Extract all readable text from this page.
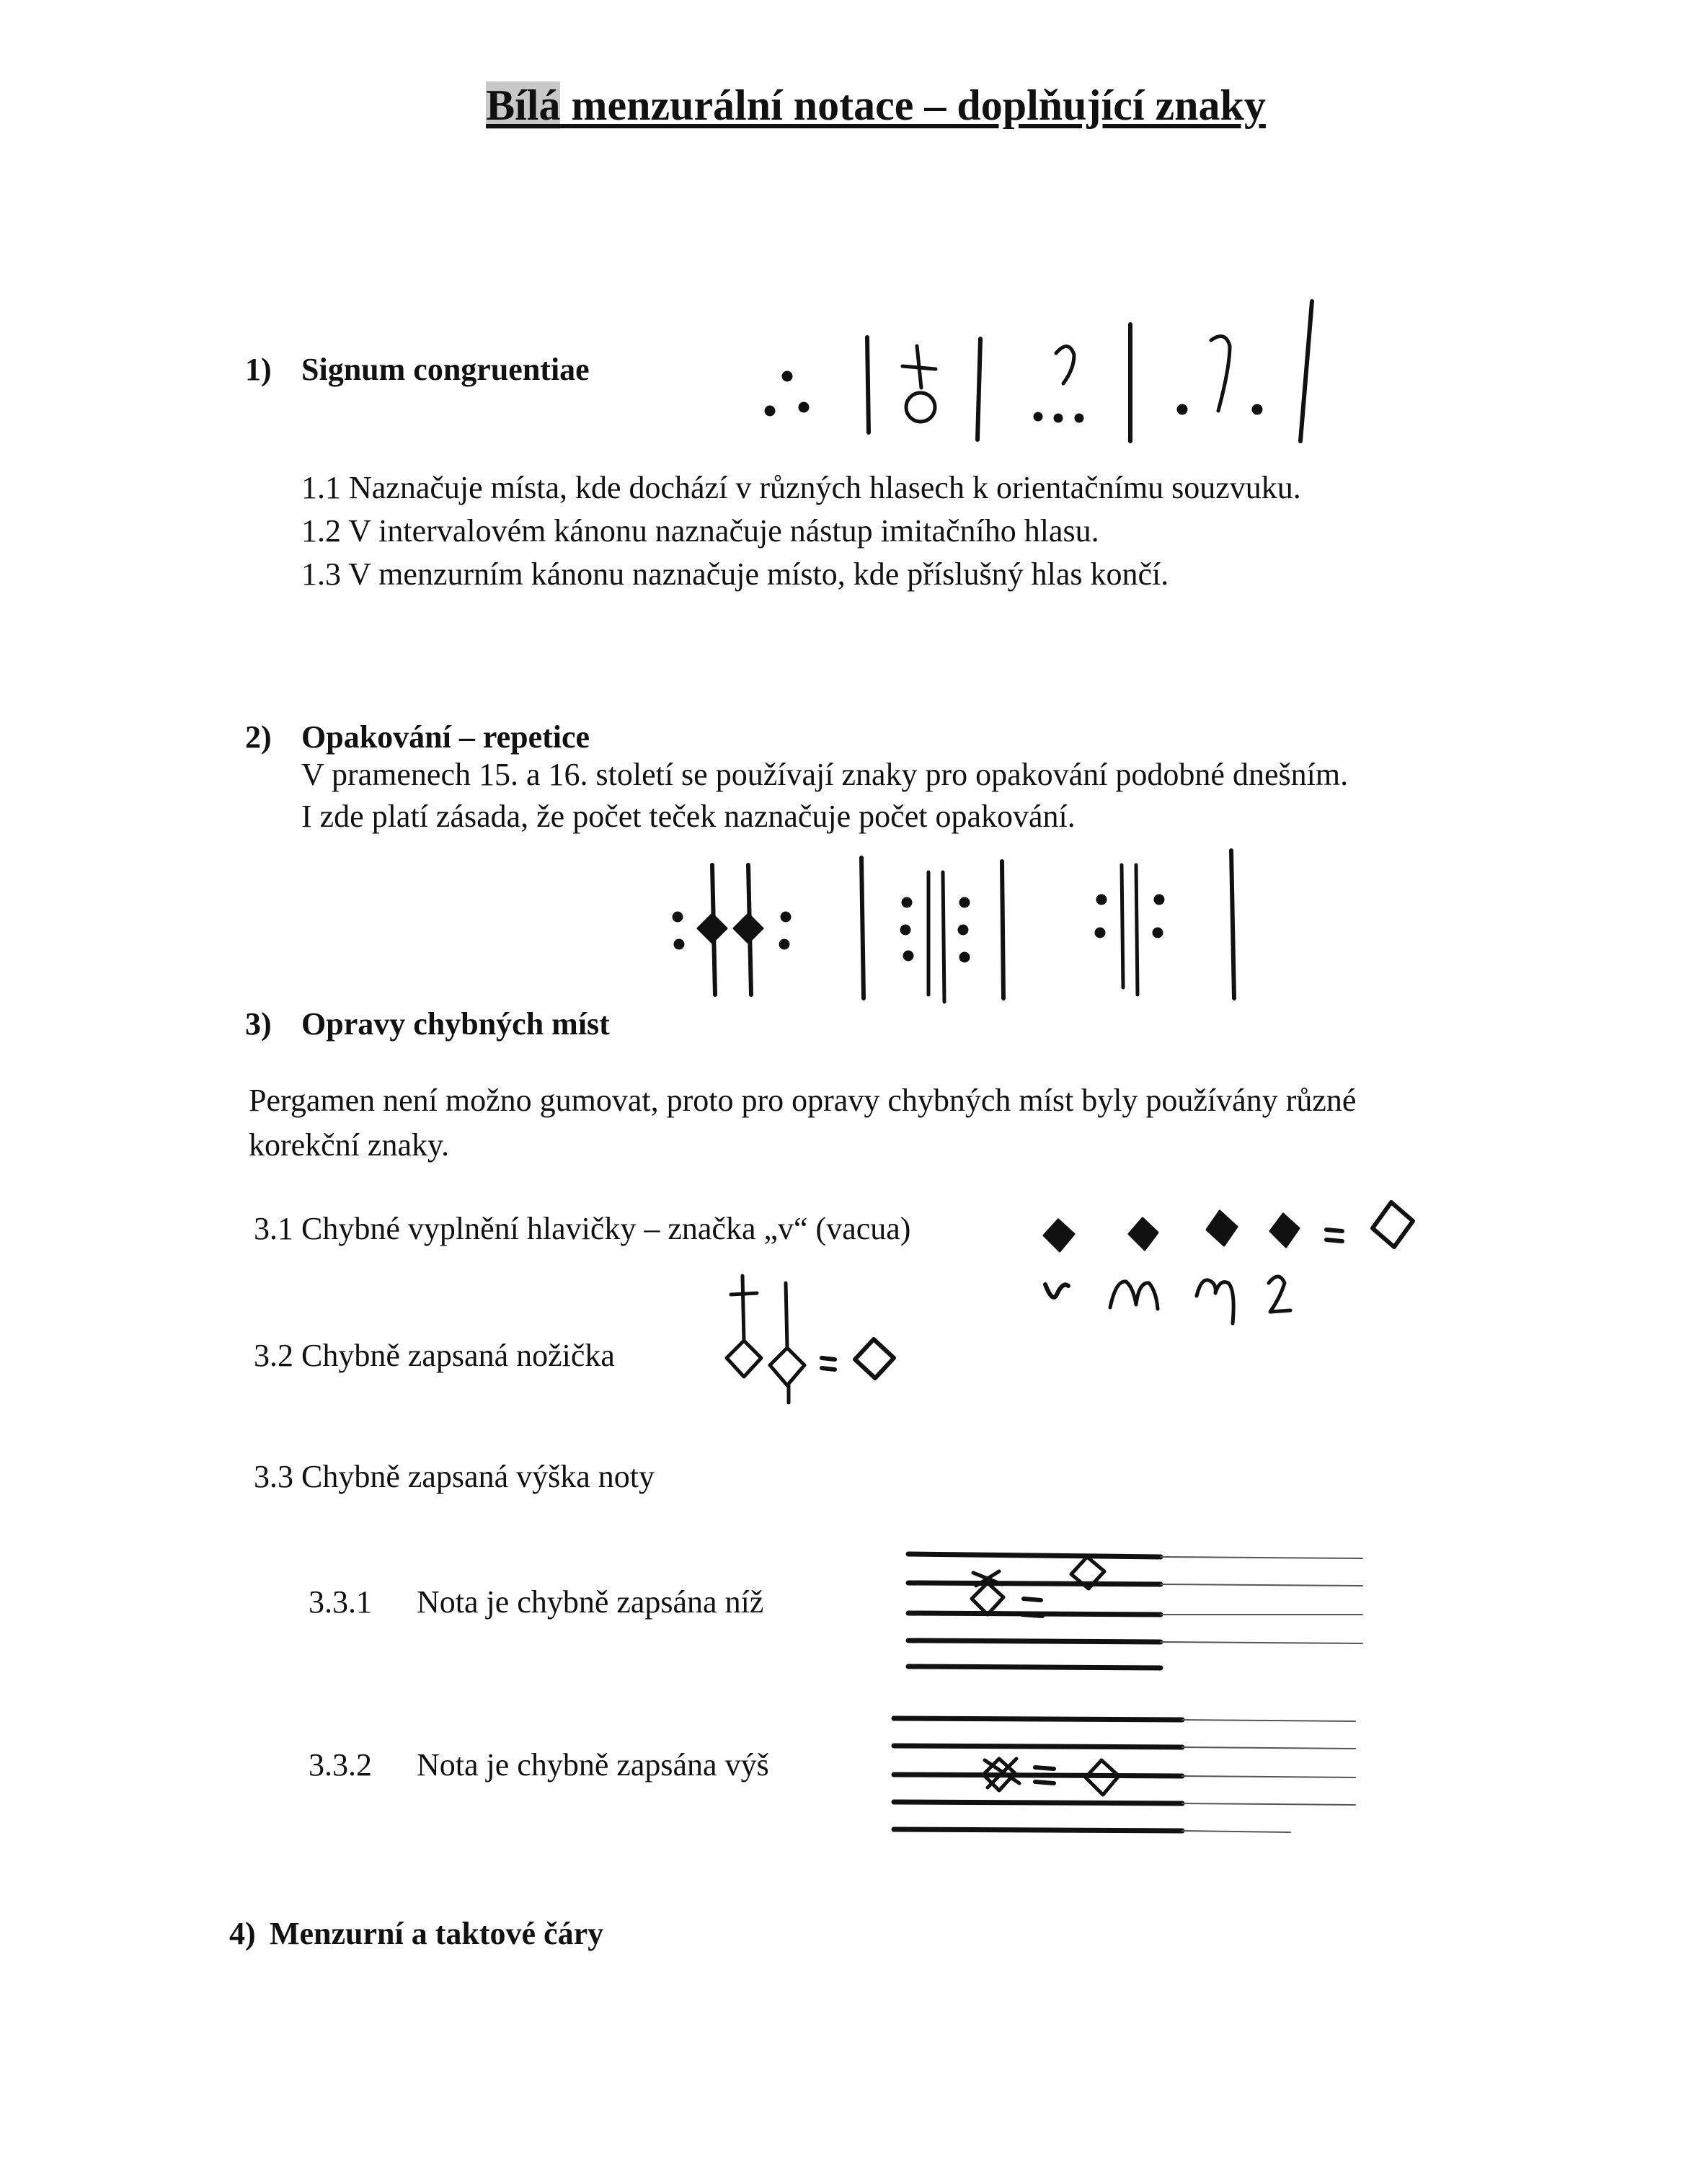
Bílá menzurální notace – doplňující znaky
1) Signum congruentiae
1.1 Naznačuje místa, kde dochází v různých hlasech k orientačnímu souzvuku.
1.2 V intervalovém kánonu naznačuje nástup imitačního hlasu.
1.3 V menzurním kánonu naznačuje místo, kde příslušný hlas končí.
2) Opakování – repetice
V pramenech 15. a 16. století se používají znaky pro opakování podobné dnešním.
I zde platí zásada, že počet teček naznačuje počet opakování.
3) Opravy chybných míst
Pergamen není možno gumovat, proto pro opravy chybných míst byly používány různé
korekční znaky.
3.1 Chybné vyplnění hlavičky – značka „v“ (vacua)
3.2 Chybně zapsaná nožička
3.3 Chybně zapsaná výška noty
3.3.1 Nota je chybně zapsána níž
3.3.2 Nota je chybně zapsána výš
4) Menzurní a taktové čáry
